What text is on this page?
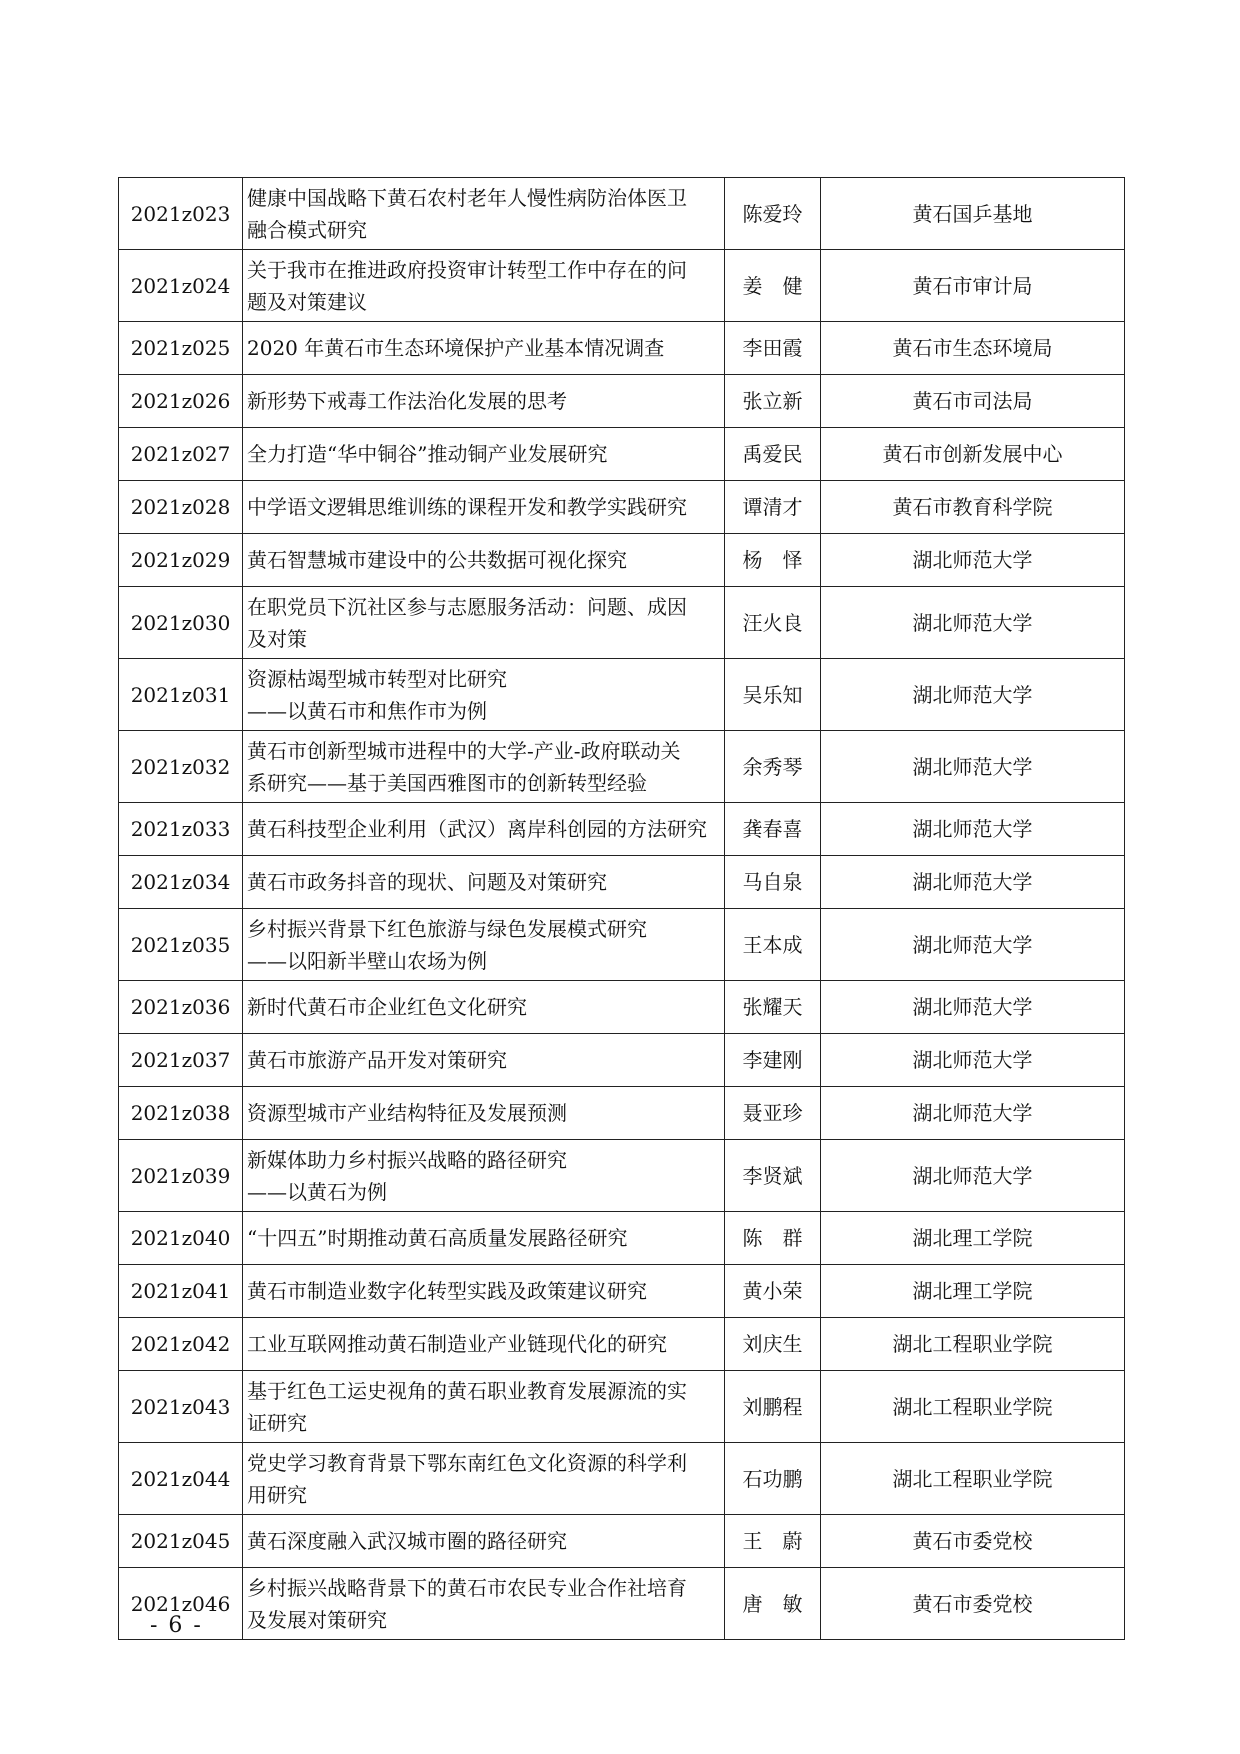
2021z023	健康中国战略下黄石农村老年人慢性病防治体医卫
融合模式研究	陈爱玲	黄石国乒基地
2021z024	关于我市在推进政府投资审计转型工作中存在的问
题及对策建议	姜　健	黄石市审计局
2021z025	2020 年黄石市生态环境保护产业基本情况调查	李田霞	黄石市生态环境局
2021z026	新形势下戒毒工作法治化发展的思考	张立新	黄石市司法局
2021z027	全力打造“华中铜谷”推动铜产业发展研究	禹爱民	黄石市创新发展中心
2021z028	中学语文逻辑思维训练的课程开发和教学实践研究	谭清才	黄石市教育科学院
2021z029	黄石智慧城市建设中的公共数据可视化探究	杨　怿	湖北师范大学
2021z030	在职党员下沉社区参与志愿服务活动：问题、成因
及对策	汪火良	湖北师范大学
2021z031	资源枯竭型城市转型对比研究
——以黄石市和焦作市为例	吴乐知	湖北师范大学
2021z032	黄石市创新型城市进程中的大学-产业-政府联动关
系研究——基于美国西雅图市的创新转型经验	余秀琴	湖北师范大学
2021z033	黄石科技型企业利用（武汉）离岸科创园的方法研究	龚春喜	湖北师范大学
2021z034	黄石市政务抖音的现状、问题及对策研究	马自泉	湖北师范大学
2021z035	乡村振兴背景下红色旅游与绿色发展模式研究
——以阳新半壁山农场为例	王本成	湖北师范大学
2021z036	新时代黄石市企业红色文化研究	张耀天	湖北师范大学
2021z037	黄石市旅游产品开发对策研究	李建刚	湖北师范大学
2021z038	资源型城市产业结构特征及发展预测	聂亚珍	湖北师范大学
2021z039	新媒体助力乡村振兴战略的路径研究
——以黄石为例	李贤斌	湖北师范大学
2021z040	“十四五”时期推动黄石高质量发展路径研究	陈　群	湖北理工学院
2021z041	黄石市制造业数字化转型实践及政策建议研究	黄小荣	湖北理工学院
2021z042	工业互联网推动黄石制造业产业链现代化的研究	刘庆生	湖北工程职业学院
2021z043	基于红色工运史视角的黄石职业教育发展源流的实
证研究	刘鹏程	湖北工程职业学院
2021z044	党史学习教育背景下鄂东南红色文化资源的科学利
用研究	石功鹏	湖北工程职业学院
2021z045	黄石深度融入武汉城市圈的路径研究	王　蔚	黄石市委党校
2021z046	乡村振兴战略背景下的黄石市农民专业合作社培育
及发展对策研究	唐　敏	黄石市委党校
- 6 -
